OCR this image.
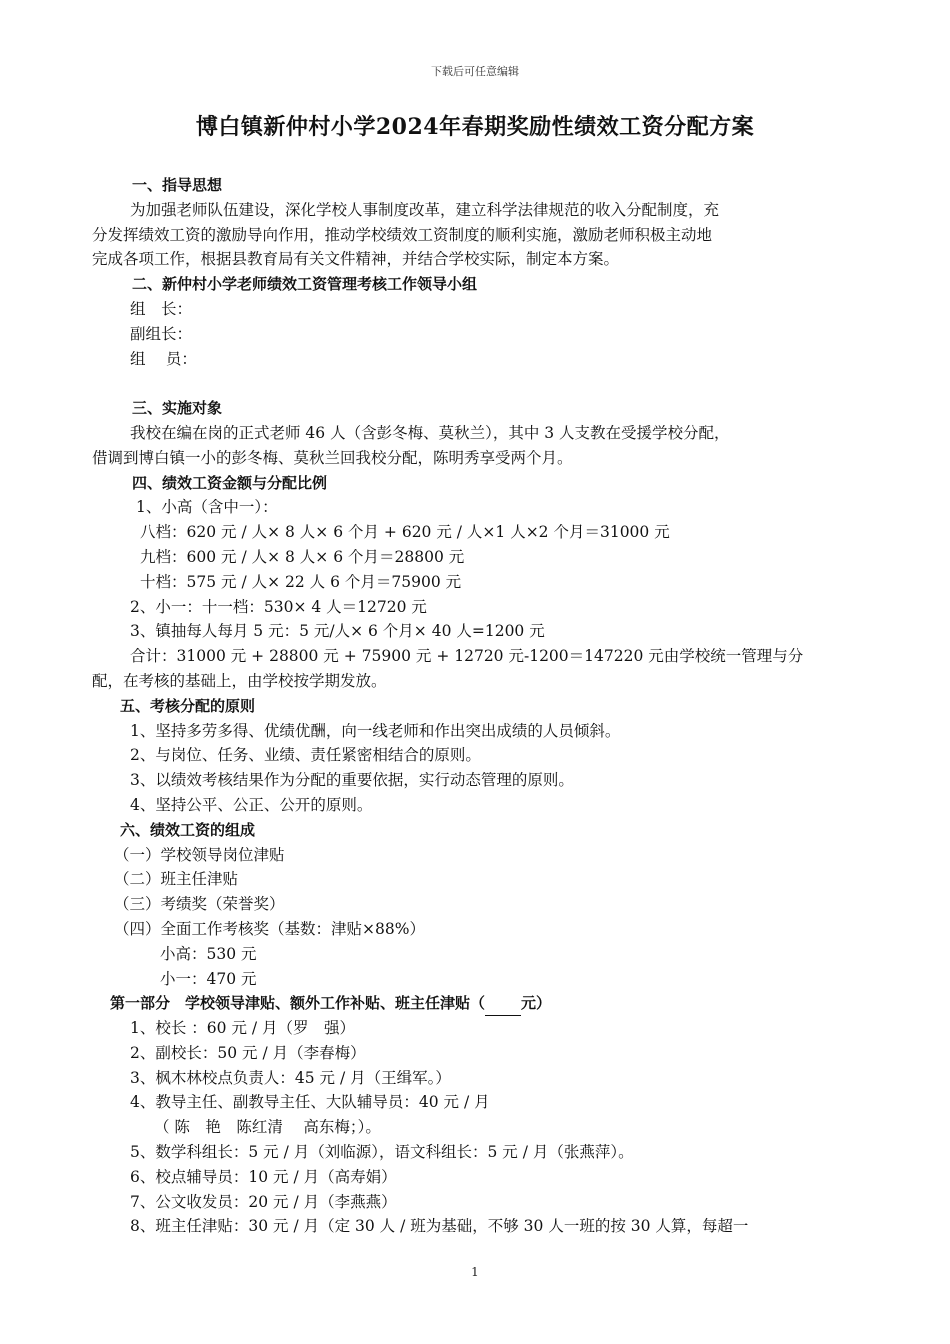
下载后可任意编辑
博白镇新仲村小学2024年春期奖励性绩效工资分配方案
一、指导思想
为加强老师队伍建设，深化学校人事制度改革，建立科学法律规范的收入分配制度，充
分发挥绩效工资的激励导向作用，推动学校绩效工资制度的顺利实施，激励老师积极主动地
完成各项工作，根据县教育局有关文件精神，并结合学校实际，制定本方案。
二、新仲村小学老师绩效工资管理考核工作领导小组
组　长：
副组长：
组　 员：
三、实施对象
我校在编在岗的正式老师 46 人（含彭冬梅、莫秋兰），其中 3 人支教在受援学校分配，
借调到博白镇一小的彭冬梅、莫秋兰回我校分配，陈明秀享受两个月。
四、绩效工资金额与分配比例
1、小高（含中一）：
八档：620 元 / 人× 8 人× 6 个月 + 620 元 / 人×1 人×2 个月＝31000 元
九档：600 元 / 人× 8 人× 6 个月＝28800 元
十档：575 元 / 人× 22 人 6 个月＝75900 元
2、小一：十一档：530× 4 人＝12720 元
3、镇抽每人每月 5 元：5 元/人× 6 个月× 40 人=1200 元
合计：31000 元 + 28800 元 + 75900 元 + 12720 元-1200＝147220 元由学校统一管理与分
配，在考核的基础上，由学校按学期发放。
五、考核分配的原则
1、坚持多劳多得、优绩优酬，向一线老师和作出突出成绩的人员倾斜。
2、与岗位、任务、业绩、责任紧密相结合的原则。
3、以绩效考核结果作为分配的重要依据，实行动态管理的原则。
4、坚持公平、公正、公开的原则。
六、绩效工资的组成
（一）学校领导岗位津贴
（二）班主任津贴
（三）考绩奖（荣誉奖）
（四）全面工作考核奖（基数：津贴×88%）
小高：530 元
小一：470 元
第一部分　学校领导津贴、额外工作补贴、班主任津贴（ 元）
1、校长 ：60 元 / 月（罗　强）
2、副校长：50 元 / 月（李春梅）
3、枫木林校点负责人：45 元 / 月（王缉军。）
4、教导主任、副教导主任、大队辅导员：40 元 / 月
（ 陈　艳　陈红清　 高东梅；）。
5、数学科组长：5 元 / 月（刘临源），语文科组长：5 元 / 月（张燕萍）。
6、校点辅导员：10 元 / 月（高寿娟）
7、公文收发员：20 元 / 月（李燕燕）
8、班主任津贴：30 元 / 月（定 30 人 / 班为基础，不够 30 人一班的按 30 人算，每超一
1
